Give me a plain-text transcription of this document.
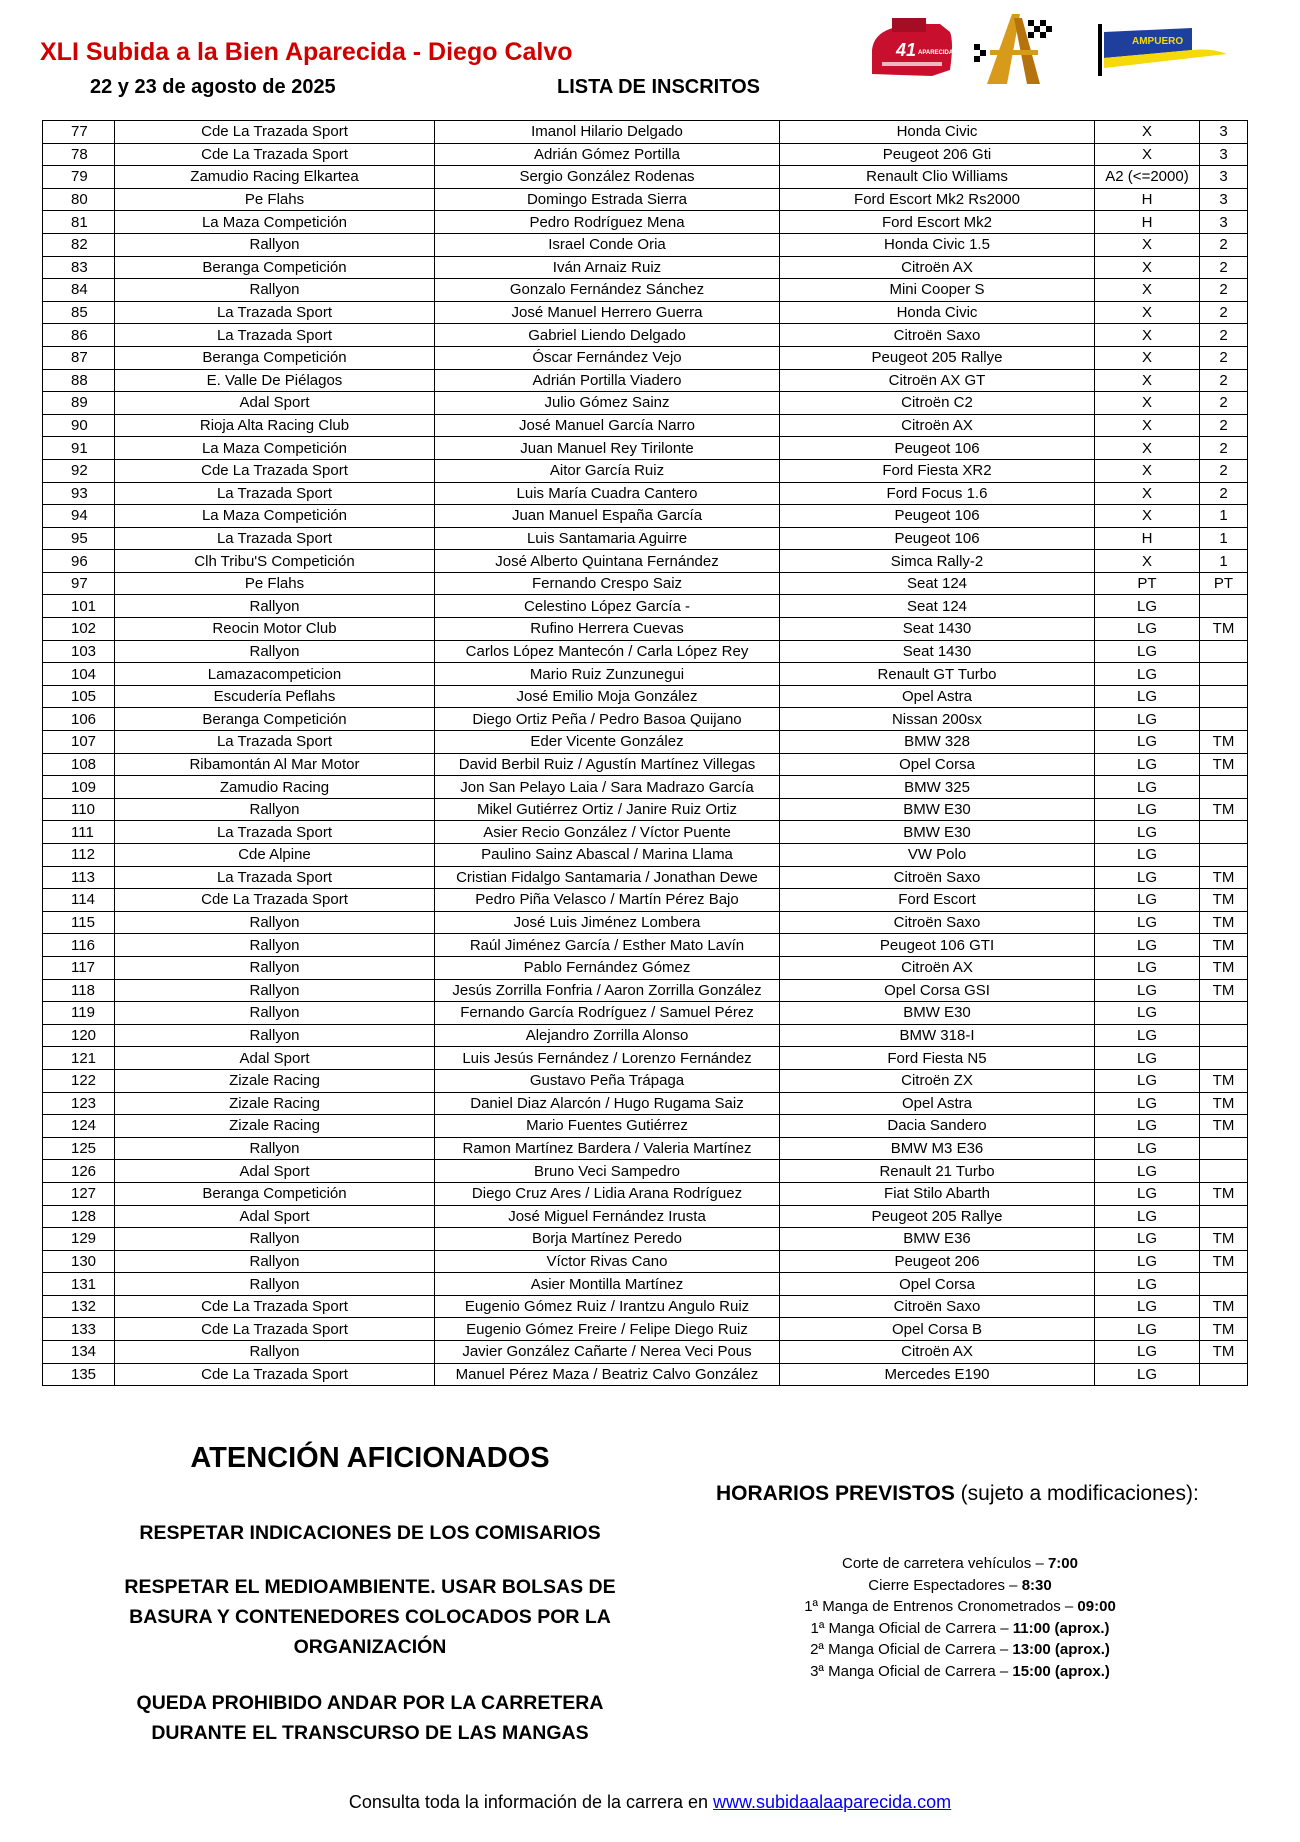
XLI Subida a la Bien Aparecida - Diego Calvo
22 y 23 de agosto de 2025	LISTA DE INSCRITOS
41 APARECIDA
AMPUERO
77	Cde La Trazada Sport	Imanol Hilario Delgado	Honda Civic	X	3
78	Cde La Trazada Sport	Adrián Gómez Portilla	Peugeot 206 Gti	X	3
79	Zamudio Racing Elkartea	Sergio González Rodenas	Renault Clio Williams	A2 (<=2000)	3
80	Pe Flahs	Domingo Estrada Sierra	Ford Escort Mk2 Rs2000	H	3
81	La Maza Competición	Pedro Rodríguez Mena	Ford Escort Mk2	H	3
82	Rallyon	Israel Conde Oria	Honda Civic 1.5	X	2
83	Beranga Competición	Iván Arnaiz Ruiz	Citroën AX	X	2
84	Rallyon	Gonzalo Fernández Sánchez	Mini Cooper S	X	2
85	La Trazada Sport	José Manuel Herrero Guerra	Honda Civic	X	2
86	La Trazada Sport	Gabriel Liendo Delgado	Citroën Saxo	X	2
87	Beranga Competición	Óscar Fernández Vejo	Peugeot 205 Rallye	X	2
88	E. Valle De Piélagos	Adrián Portilla Viadero	Citroën AX GT	X	2
89	Adal Sport	Julio Gómez Sainz	Citroën C2	X	2
90	Rioja Alta Racing Club	José Manuel García Narro	Citroën AX	X	2
91	La Maza Competición	Juan Manuel Rey Tirilonte	Peugeot 106	X	2
92	Cde La Trazada Sport	Aitor García Ruiz	Ford Fiesta XR2	X	2
93	La Trazada Sport	Luis María Cuadra Cantero	Ford Focus 1.6	X	2
94	La Maza Competición	Juan Manuel España García	Peugeot 106	X	1
95	La Trazada Sport	Luis Santamaria Aguirre	Peugeot 106	H	1
96	Clh Tribu'S Competición	José Alberto Quintana Fernández	Simca Rally-2	X	1
97	Pe Flahs	Fernando Crespo Saiz	Seat 124	PT	PT
101	Rallyon	Celestino López García -	Seat 124	LG	
102	Reocin Motor Club	Rufino Herrera Cuevas	Seat 1430	LG	TM
103	Rallyon	Carlos López Mantecón / Carla López Rey	Seat 1430	LG	
104	Lamazacompeticion	Mario Ruiz Zunzunegui	Renault GT Turbo	LG	
105	Escudería Peflahs	José Emilio Moja González	Opel Astra	LG	
106	Beranga Competición	Diego Ortiz Peña / Pedro Basoa Quijano	Nissan 200sx	LG	
107	La Trazada Sport	Eder Vicente González	BMW 328	LG	TM
108	Ribamontán Al Mar Motor	David Berbil Ruiz / Agustín Martínez Villegas	Opel Corsa	LG	TM
109	Zamudio Racing	Jon San Pelayo Laia / Sara Madrazo García	BMW 325	LG	
110	Rallyon	Mikel Gutiérrez Ortiz / Janire Ruiz Ortiz	BMW E30	LG	TM
111	La Trazada Sport	Asier Recio González / Víctor Puente	BMW E30	LG	
112	Cde Alpine	Paulino Sainz Abascal / Marina Llama	VW Polo	LG	
113	La Trazada Sport	Cristian Fidalgo Santamaria / Jonathan Dewe	Citroën Saxo	LG	TM
114	Cde La Trazada Sport	Pedro Piña Velasco / Martín Pérez Bajo	Ford Escort	LG	TM
115	Rallyon	José Luis Jiménez Lombera	Citroën Saxo	LG	TM
116	Rallyon	Raúl Jiménez García / Esther Mato Lavín	Peugeot 106 GTI	LG	TM
117	Rallyon	Pablo Fernández Gómez	Citroën AX	LG	TM
118	Rallyon	Jesús Zorrilla Fonfria / Aaron Zorrilla González	Opel Corsa GSI	LG	TM
119	Rallyon	Fernando García Rodríguez / Samuel Pérez	BMW E30	LG	
120	Rallyon	Alejandro Zorrilla Alonso	BMW 318-I	LG	
121	Adal Sport	Luis Jesús Fernández / Lorenzo Fernández	Ford Fiesta N5	LG	
122	Zizale Racing	Gustavo Peña Trápaga	Citroën ZX	LG	TM
123	Zizale Racing	Daniel Diaz Alarcón / Hugo Rugama Saiz	Opel Astra	LG	TM
124	Zizale Racing	Mario Fuentes Gutiérrez	Dacia Sandero	LG	TM
125	Rallyon	Ramon Martínez Bardera / Valeria Martínez	BMW M3 E36	LG	
126	Adal Sport	Bruno Veci Sampedro	Renault 21 Turbo	LG	
127	Beranga Competición	Diego Cruz Ares / Lidia Arana Rodríguez	Fiat Stilo Abarth	LG	TM
128	Adal Sport	José Miguel Fernández Irusta	Peugeot 205 Rallye	LG	
129	Rallyon	Borja Martínez Peredo	BMW E36	LG	TM
130	Rallyon	Víctor Rivas Cano	Peugeot 206	LG	TM
131	Rallyon	Asier Montilla Martínez	Opel Corsa	LG	
132	Cde La Trazada Sport	Eugenio Gómez Ruiz / Irantzu Angulo Ruiz	Citroën Saxo	LG	TM
133	Cde La Trazada Sport	Eugenio Gómez Freire / Felipe Diego Ruiz	Opel Corsa B	LG	TM
134	Rallyon	Javier González Cañarte / Nerea Veci Pous	Citroën AX	LG	TM
135	Cde La Trazada Sport	Manuel Pérez Maza / Beatriz Calvo González	Mercedes E190	LG	
ATENCIÓN AFICIONADOS
RESPETAR INDICACIONES DE LOS COMISARIOS
RESPETAR EL MEDIOAMBIENTE. USAR BOLSAS DE
BASURA Y CONTENEDORES COLOCADOS POR LA
ORGANIZACIÓN
QUEDA PROHIBIDO ANDAR POR LA CARRETERA
DURANTE EL TRANSCURSO DE LAS MANGAS
HORARIOS PREVISTOS (sujeto a modificaciones):
Corte de carretera vehículos – 7:00
Cierre Espectadores – 8:30
1ª Manga de Entrenos Cronometrados – 09:00
1ª Manga Oficial de Carrera – 11:00 (aprox.)
2ª Manga Oficial de Carrera – 13:00 (aprox.)
3ª Manga Oficial de Carrera – 15:00 (aprox.)
Consulta toda la información de la carrera en www.subidaalaaparecida.com
